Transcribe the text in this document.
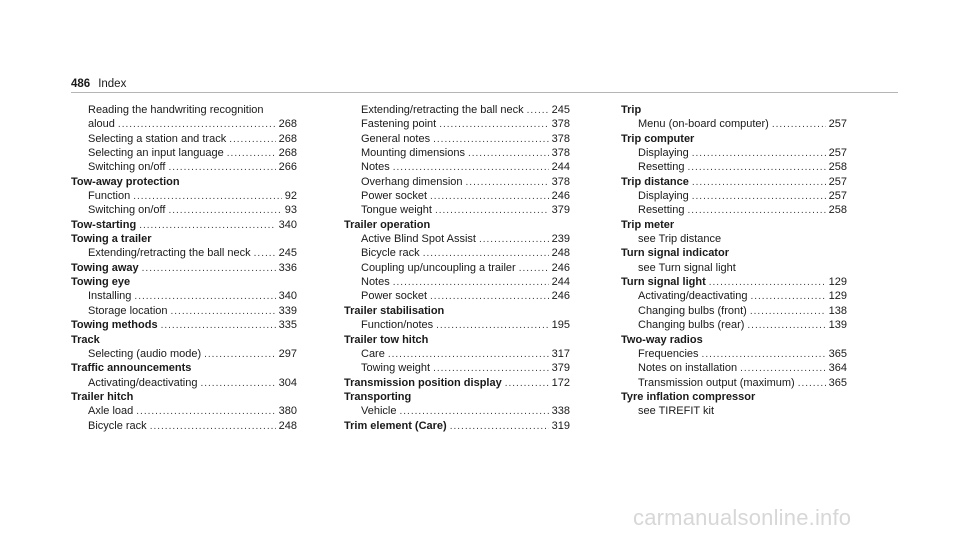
486 Index
Reading the handwriting recognition
aloud .....	268
Selecting a station and track .....	268
Selecting an input language .....	268
Switching on/off .....	266
Tow-away protection
Function .....	92
Switching on/off .....	93
Tow-starting .....	340
Towing a trailer
Extending/retracting the ball neck .....	245
Towing away .....	336
Towing eye
Installing .....	340
Storage location .....	339
Towing methods .....	335
Track
Selecting (audio mode) .....	297
Traffic announcements
Activating/deactivating .....	304
Trailer hitch
Axle load .....	380
Bicycle rack .....	248
Extending/retracting the ball neck .....	245
Fastening point .....	378
General notes .....	378
Mounting dimensions .....	378
Notes .....	244
Overhang dimension .....	378
Power socket .....	246
Tongue weight .....	379
Trailer operation
Active Blind Spot Assist .....	239
Bicycle rack .....	248
Coupling up/uncoupling a trailer .....	246
Notes .....	244
Power socket .....	246
Trailer stabilisation
Function/notes .....	195
Trailer tow hitch
Care .....	317
Towing weight .....	379
Transmission position display .....	172
Transporting
Vehicle .....	338
Trim element (Care) .....	319
Trip
Menu (on-board computer) .....	257
Trip computer
Displaying .....	257
Resetting .....	258
Trip distance .....	257
Displaying .....	257
Resetting .....	258
Trip meter
see Trip distance
Turn signal indicator
see Turn signal light
Turn signal light .....	129
Activating/deactivating .....	129
Changing bulbs (front) .....	138
Changing bulbs (rear) .....	139
Two-way radios
Frequencies .....	365
Notes on installation .....	364
Transmission output (maximum) .....	365
Tyre inflation compressor
see TIREFIT kit
carmanualsonline.info
